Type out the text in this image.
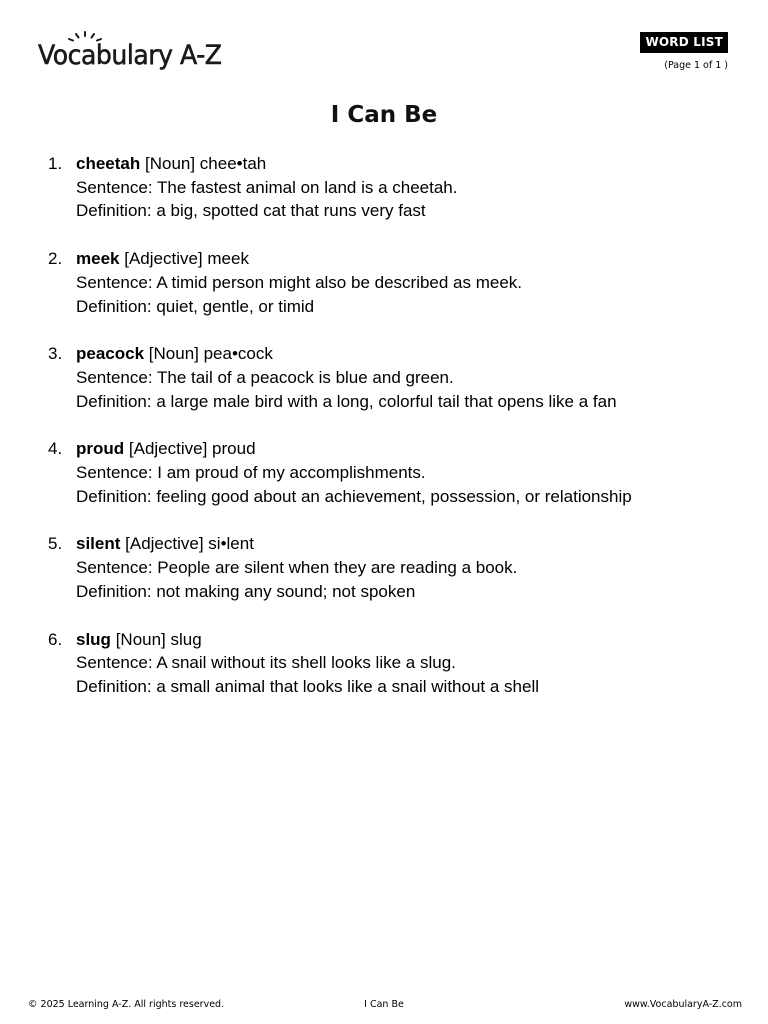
Vocabulary A-Z	WORD LIST
(Page 1 of 1 )
I Can Be
1. cheetah [Noun] chee•tah
Sentence: The fastest animal on land is a cheetah.
Definition: a big, spotted cat that runs very fast
2. meek [Adjective] meek
Sentence: A timid person might also be described as meek.
Definition: quiet, gentle, or timid
3. peacock [Noun] pea•cock
Sentence: The tail of a peacock is blue and green.
Definition: a large male bird with a long, colorful tail that opens like a fan
4. proud [Adjective] proud
Sentence: I am proud of my accomplishments.
Definition: feeling good about an achievement, possession, or relationship
5. silent [Adjective] si•lent
Sentence: People are silent when they are reading a book.
Definition: not making any sound; not spoken
6. slug [Noun] slug
Sentence: A snail without its shell looks like a slug.
Definition: a small animal that looks like a snail without a shell
I Can Be
© 2025 Learning A-Z. All rights reserved.	www.VocabularyA-Z.com
